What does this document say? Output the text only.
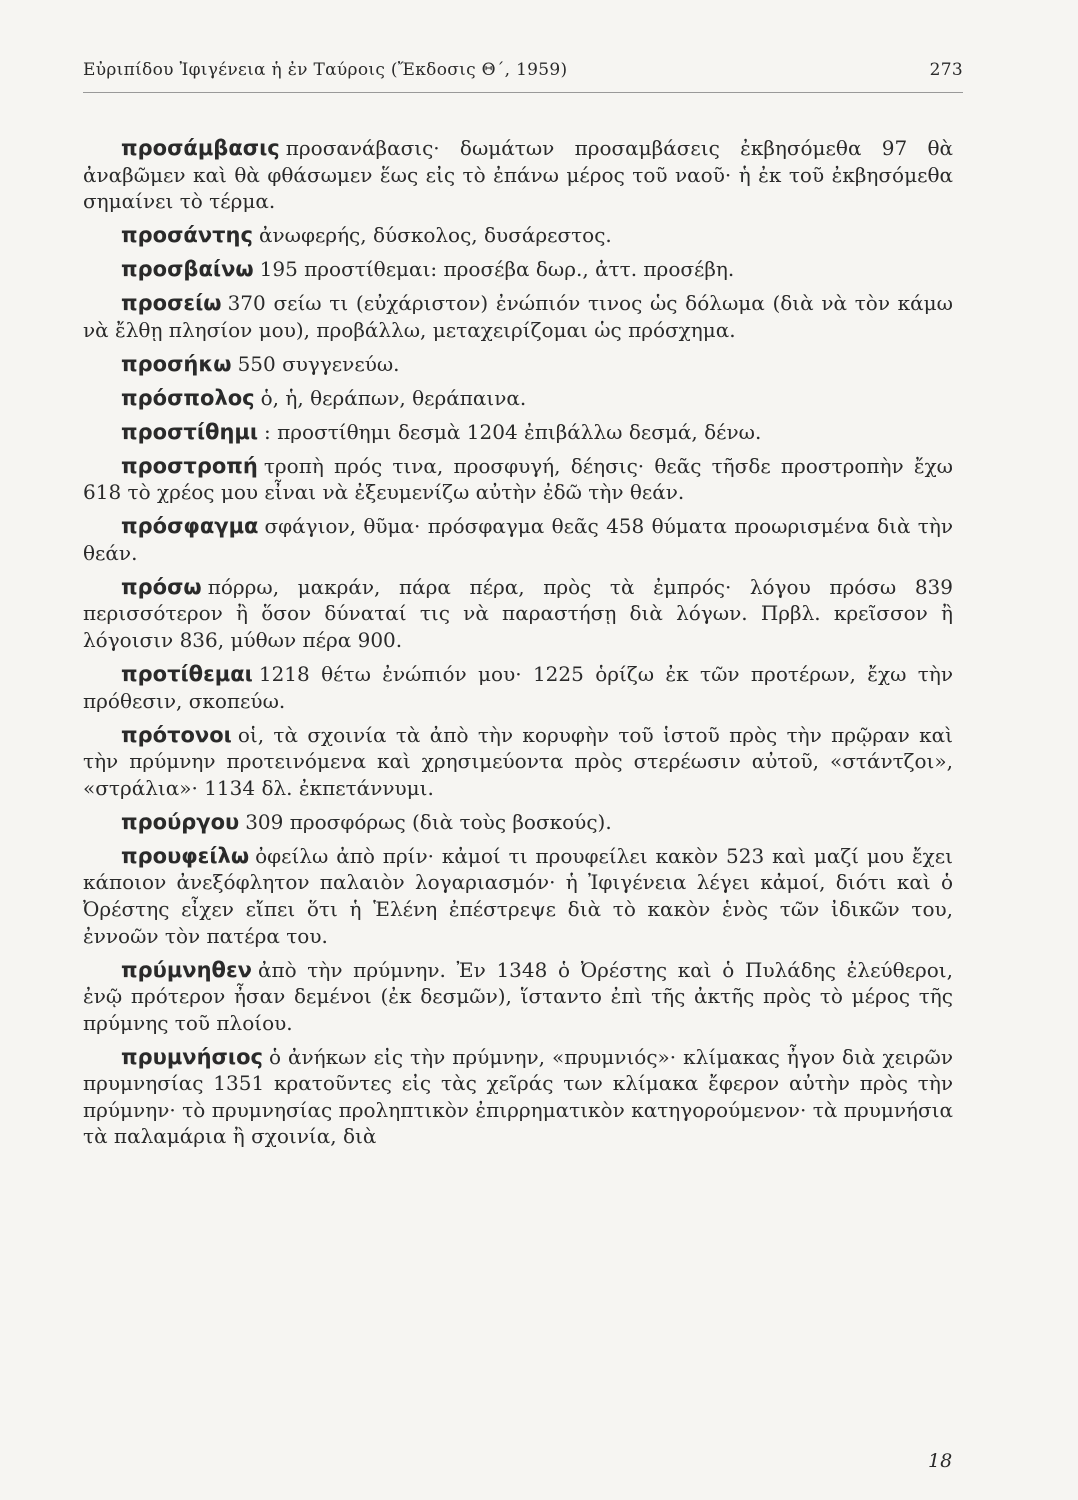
Εὐριπίδου Ἰφιγένεια ἡ ἐν Ταύροις (Ἔκδοσις Θ΄, 1959)	273

προσάμβασις προσανάβασις· δωμάτων προσαμβάσεις ἐκβησόμεθα 97 θὰ ἀναβῶμεν καὶ θὰ φθάσωμεν ἕως εἰς τὸ ἐπάνω μέρος τοῦ ναοῦ· ἡ ἐκ τοῦ ἐκβησόμεθα σημαίνει τὸ τέρμα.

προσάντης ἀνωφερής, δύσκολος, δυσάρεστος.

προσβαίνω 195 προστίθεμαι: προσέβα δωρ., ἀττ. προσέβη.

προσείω 370 σείω τι (εὐχάριστον) ἐνώπιόν τινος ὡς δόλωμα (διὰ νὰ τὸν κάμω νὰ ἔλθῃ πλησίον μου), προβάλλω, μεταχειρίζομαι ὡς πρόσχημα.

προσήκω 550 συγγενεύω.

πρόσπολος ὁ, ἡ, θεράπων, θεράπαινα.

προστίθημι : προστίθημι δεσμὰ 1204 ἐπιβάλλω δεσμά, δένω.

προστροπή τροπὴ πρός τινα, προσφυγή, δέησις· θεᾶς τῆσδε προστροπὴν ἔχω 618 τὸ χρέος μου εἶναι νὰ ἐξευμενίζω αὐτὴν ἐδῶ τὴν θεάν.

πρόσφαγμα σφάγιον, θῦμα· πρόσφαγμα θεᾶς 458 θύματα προωρισμένα διὰ τὴν θεάν.

πρόσω πόρρω, μακράν, πάρα πέρα, πρὸς τὰ ἐμπρός· λόγου πρόσω 839 περισσότερον ἢ ὅσον δύναταί τις νὰ παραστήσῃ διὰ λόγων. Πρβλ. κρεῖσσον ἢ λόγοισιν 836, μύθων πέρα 900.

προτίθεμαι 1218 θέτω ἐνώπιόν μου· 1225 ὁρίζω ἐκ τῶν προτέρων, ἔχω τὴν πρόθεσιν, σκοπεύω.

πρότονοι οἱ, τὰ σχοινία τὰ ἀπὸ τὴν κορυφὴν τοῦ ἱστοῦ πρὸς τὴν πρῷραν καὶ τὴν πρύμνην προτεινόμενα καὶ χρησιμεύοντα πρὸς στερέωσιν αὐτοῦ, «στάντζοι», «στράλια»· 1134 δλ. ἐκπετάννυμι.

προύργου 309 προσφόρως (διὰ τοὺς βοσκούς).

προυφείλω ὀφείλω ἀπὸ πρίν· κἀμοί τι προυφείλει κακὸν 523 καὶ μαζί μου ἔχει κάποιον ἀνεξόφλητον παλαιὸν λογαριασμόν· ἡ Ἰφιγένεια λέγει κἀμοί, διότι καὶ ὁ Ὀρέστης εἶχεν εἴπει ὅτι ἡ Ἑλένη ἐπέστρεψε διὰ τὸ κακὸν ἑνὸς τῶν ἰδικῶν του, ἐννοῶν τὸν πατέρα του.

πρύμνηθεν ἀπὸ τὴν πρύμνην. Ἐν 1348 ὁ Ὀρέστης καὶ ὁ Πυλάδης ἐλεύθεροι, ἐνῷ πρότερον ἦσαν δεμένοι (ἐκ δεσμῶν), ἵσταντο ἐπὶ τῆς ἀκτῆς πρὸς τὸ μέρος τῆς πρύμνης τοῦ πλοίου.

πρυμνήσιος ὁ ἀνήκων εἰς τὴν πρύμνην, «πρυμνιός»· κλίμακας ἦγον διὰ χειρῶν πρυμνησίας 1351 κρατοῦντες εἰς τὰς χεῖράς των κλίμακα ἔφερον αὐτὴν πρὸς τὴν πρύμνην· τὸ πρυμνησίας προληπτικὸν ἐπιρρηματικὸν κατηγορούμενον· τὰ πρυμνήσια τὰ παλαμάρια ἢ σχοινία, διὰ

18
